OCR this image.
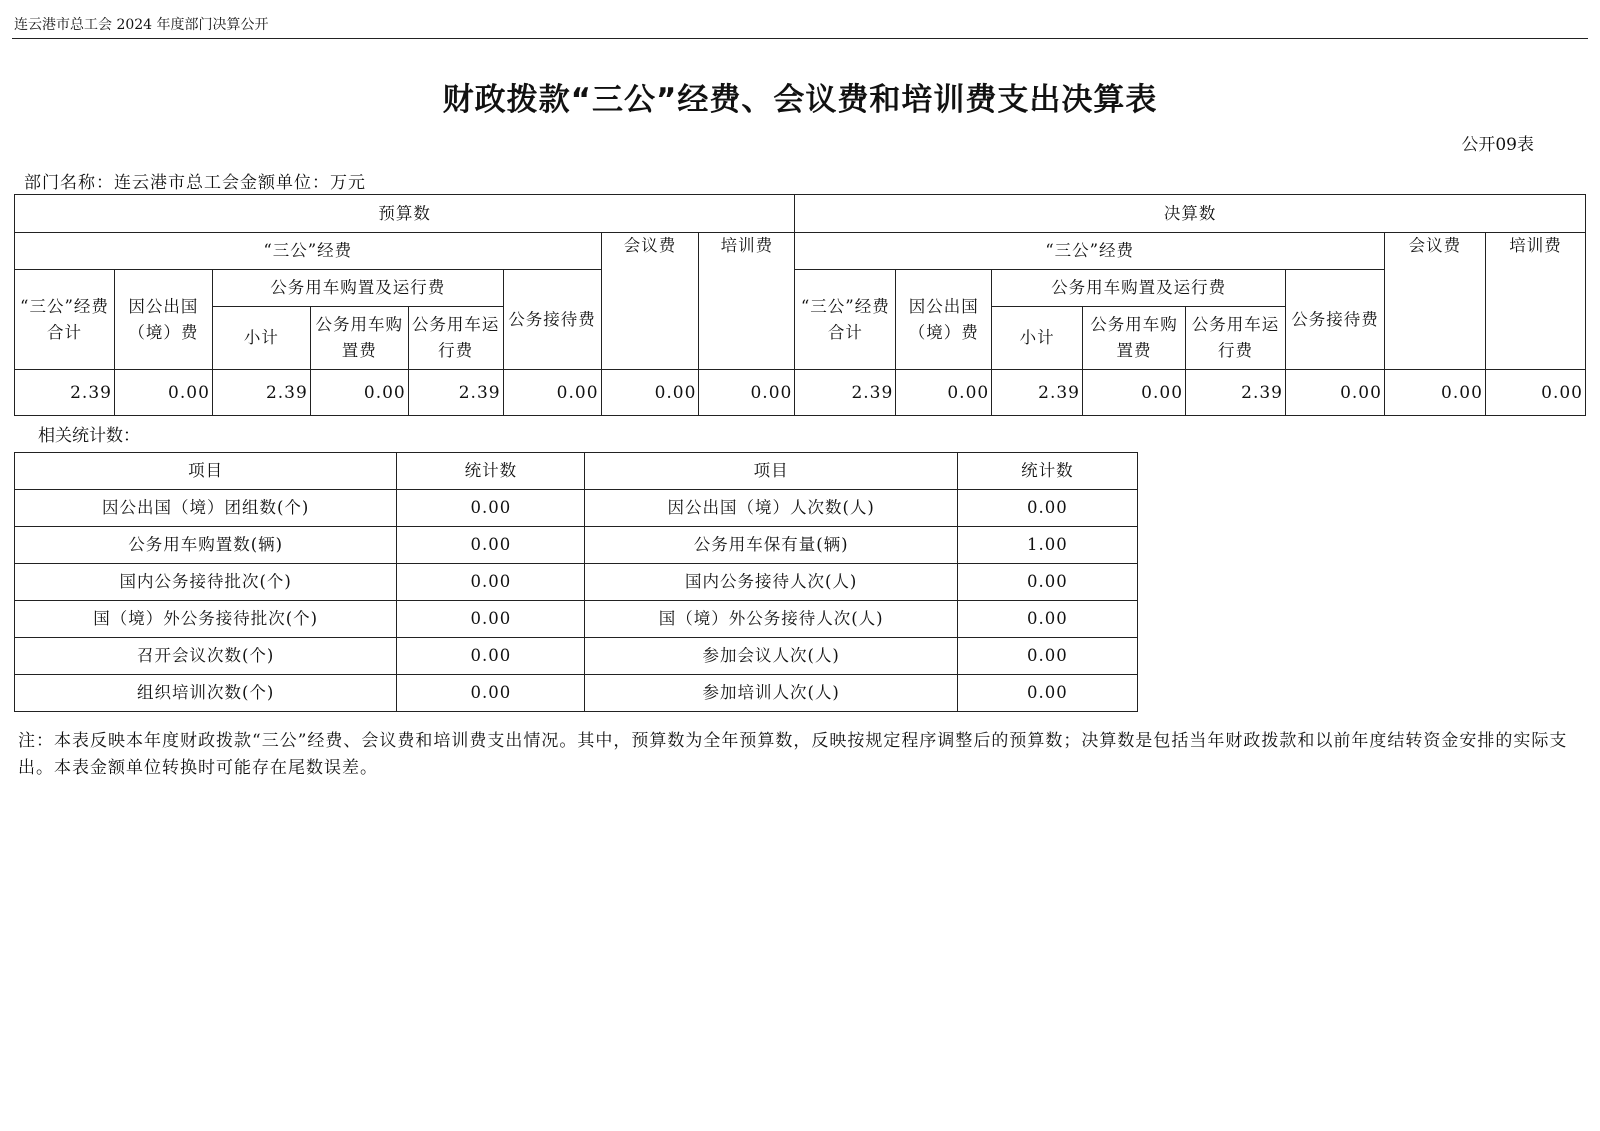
连云港市总工会 2024 年度部门决算公开
财政拨款“三公”经费、会议费和培训费支出决算表
公开09表
部门名称：连云港市总工会金额单位：万元
预算数								决算数							
“三公”经费						会议费	培训费	“三公”经费						会议费	培训费
“三公”经费合计	因公出国（境）费	公务用车购置及运行费			公务接待费			“三公”经费合计	因公出国（境）费	公务用车购置及运行费			公务接待费		
		小计	公务用车购置费	公务用车运行费						小计	公务用车购置费	公务用车运行费			
2.39	0.00	2.39	0.00	2.39	0.00	0.00	0.00	2.39	0.00	2.39	0.00	2.39	0.00	0.00	0.00
相关统计数：
项目	统计数	项目	统计数
因公出国（境）团组数(个)	0.00	因公出国（境）人次数(人)	0.00
公务用车购置数(辆)	0.00	公务用车保有量(辆)	1.00
国内公务接待批次(个)	0.00	国内公务接待人次(人)	0.00
国（境）外公务接待批次(个)	0.00	国（境）外公务接待人次(人)	0.00
召开会议次数(个)	0.00	参加会议人次(人)	0.00
组织培训次数(个)	0.00	参加培训人次(人)	0.00
注：本表反映本年度财政拨款“三公”经费、会议费和培训费支出情况。其中，预算数为全年预算数，反映按规定程序调整后的预算数；决算数是包括当年财政拨款和以前年度结转资金安排的实际支出。本表金额单位转换时可能存在尾数误差。
